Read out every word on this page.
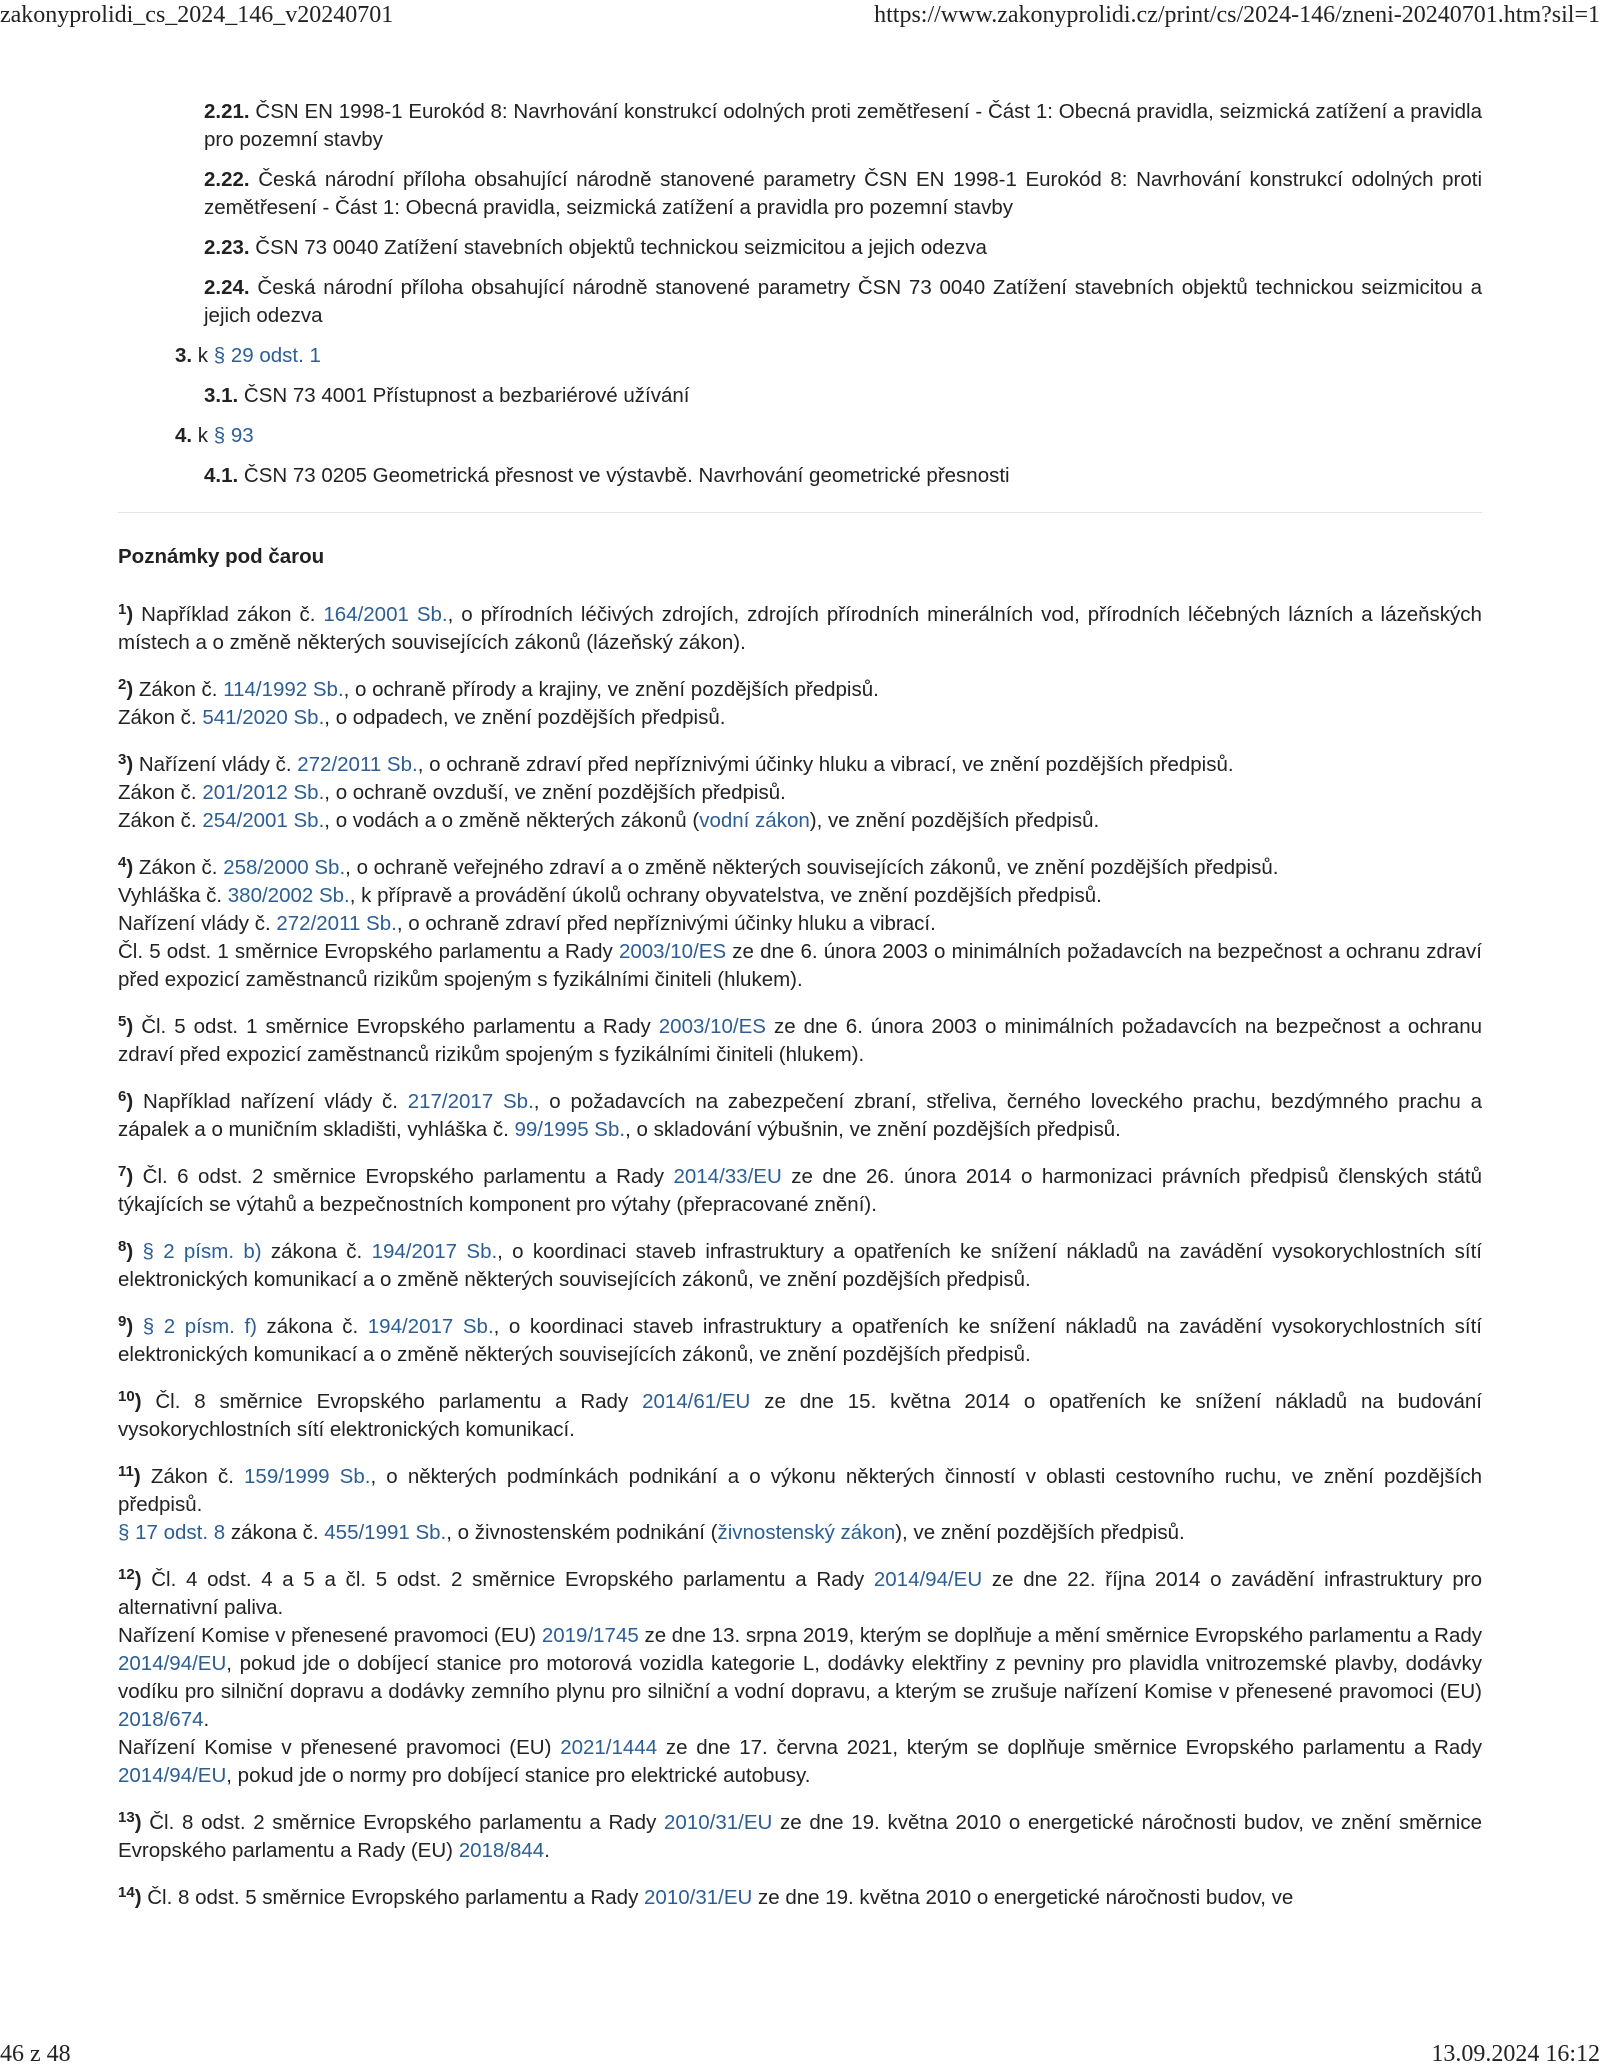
zakonyprolidi_cs_2024_146_v20240701	https://www.zakonyprolidi.cz/print/cs/2024-146/zneni-20240701.htm?sil=1
2.21. ČSN EN 1998-1 Eurokód 8: Navrhování konstrukcí odolných proti zemětřesení - Část 1: Obecná pravidla, seizmická zatížení a pravidla pro pozemní stavby
2.22. Česká národní příloha obsahující národně stanovené parametry ČSN EN 1998-1 Eurokód 8: Navrhování konstrukcí odolných proti zemětřesení - Část 1: Obecná pravidla, seizmická zatížení a pravidla pro pozemní stavby
2.23. ČSN 73 0040 Zatížení stavebních objektů technickou seizmicitou a jejich odezva
2.24. Česká národní příloha obsahující národně stanovené parametry ČSN 73 0040 Zatížení stavebních objektů technickou seizmicitou a jejich odezva
3. k § 29 odst. 1
3.1. ČSN 73 4001 Přístupnost a bezbariérové užívání
4. k § 93
4.1. ČSN 73 0205 Geometrická přesnost ve výstavbě. Navrhování geometrické přesnosti
Poznámky pod čarou
$^1$) Například zákon č. 164/2001 Sb., o přírodních léčivých zdrojích, zdrojích přírodních minerálních vod, přírodních léčebných lázních a lázeňských místech a o změně některých souvisejících zákonů (lázeňský zákon).
$^2$) Zákon č. 114/1992 Sb., o ochraně přírody a krajiny, ve znění pozdějších předpisů.
Zákon č. 541/2020 Sb., o odpadech, ve znění pozdějších předpisů.
$^3$) Nařízení vlády č. 272/2011 Sb., o ochraně zdraví před nepříznivými účinky hluku a vibrací, ve znění pozdějších předpisů.
Zákon č. 201/2012 Sb., o ochraně ovzduší, ve znění pozdějších předpisů.
Zákon č. 254/2001 Sb., o vodách a o změně některých zákonů (vodní zákon), ve znění pozdějších předpisů.
$^4$) Zákon č. 258/2000 Sb., o ochraně veřejného zdraví a o změně některých souvisejících zákonů, ve znění pozdějších předpisů.
Vyhláška č. 380/2002 Sb., k přípravě a provádění úkolů ochrany obyvatelstva, ve znění pozdějších předpisů.
Nařízení vlády č. 272/2011 Sb., o ochraně zdraví před nepříznivými účinky hluku a vibrací.
Čl. 5 odst. 1 směrnice Evropského parlamentu a Rady 2003/10/ES ze dne 6. února 2003 o minimálních požadavcích na bezpečnost a ochranu zdraví před expozicí zaměstnanců rizikům spojeným s fyzikálními činiteli (hlukem).
$^5$) Čl. 5 odst. 1 směrnice Evropského parlamentu a Rady 2003/10/ES ze dne 6. února 2003 o minimálních požadavcích na bezpečnost a ochranu zdraví před expozicí zaměstnanců rizikům spojeným s fyzikálními činiteli (hlukem).
$^6$) Například nařízení vlády č. 217/2017 Sb., o požadavcích na zabezpečení zbraní, střeliva, černého loveckého prachu, bezdýmného prachu a zápalek a o muničním skladišti, vyhláška č. 99/1995 Sb., o skladování výbušnin, ve znění pozdějších předpisů.
$^7$) Čl. 6 odst. 2 směrnice Evropského parlamentu a Rady 2014/33/EU ze dne 26. února 2014 o harmonizaci právních předpisů členských států týkajících se výtahů a bezpečnostních komponent pro výtahy (přepracované znění).
$^8$) § 2 písm. b) zákona č. 194/2017 Sb., o koordinaci staveb infrastruktury a opatřeních ke snížení nákladů na zavádění vysokorychlostních sítí elektronických komunikací a o změně některých souvisejících zákonů, ve znění pozdějších předpisů.
$^9$) § 2 písm. f) zákona č. 194/2017 Sb., o koordinaci staveb infrastruktury a opatřeních ke snížení nákladů na zavádění vysokorychlostních sítí elektronických komunikací a o změně některých souvisejících zákonů, ve znění pozdějších předpisů.
$^{10}$) Čl. 8 směrnice Evropského parlamentu a Rady 2014/61/EU ze dne 15. května 2014 o opatřeních ke snížení nákladů na budování vysokorychlostních sítí elektronických komunikací.
$^{11}$) Zákon č. 159/1999 Sb., o některých podmínkách podnikání a o výkonu některých činností v oblasti cestovního ruchu, ve znění pozdějších předpisů.
§ 17 odst. 8 zákona č. 455/1991 Sb., o živnostenském podnikání (živnostenský zákon), ve znění pozdějších předpisů.
$^{12}$) Čl. 4 odst. 4 a 5 a čl. 5 odst. 2 směrnice Evropského parlamentu a Rady 2014/94/EU ze dne 22. října 2014 o zavádění infrastruktury pro alternativní paliva.
Nařízení Komise v přenesené pravomoci (EU) 2019/1745 ze dne 13. srpna 2019, kterým se doplňuje a mění směrnice Evropského parlamentu a Rady 2014/94/EU, pokud jde o dobíjecí stanice pro motorová vozidla kategorie L, dodávky elektřiny z pevniny pro plavidla vnitrozemské plavby, dodávky vodíku pro silniční dopravu a dodávky zemního plynu pro silniční a vodní dopravu, a kterým se zrušuje nařízení Komise v přenesené pravomoci (EU) 2018/674.
Nařízení Komise v přenesené pravomoci (EU) 2021/1444 ze dne 17. června 2021, kterým se doplňuje směrnice Evropského parlamentu a Rady 2014/94/EU, pokud jde o normy pro dobíjecí stanice pro elektrické autobusy.
$^{13}$) Čl. 8 odst. 2 směrnice Evropského parlamentu a Rady 2010/31/EU ze dne 19. května 2010 o energetické náročnosti budov, ve znění směrnice Evropského parlamentu a Rady (EU) 2018/844.
$^{14}$) Čl. 8 odst. 5 směrnice Evropského parlamentu a Rady 2010/31/EU ze dne 19. května 2010 o energetické náročnosti budov, ve
46 z 48	13.09.2024 16:12
